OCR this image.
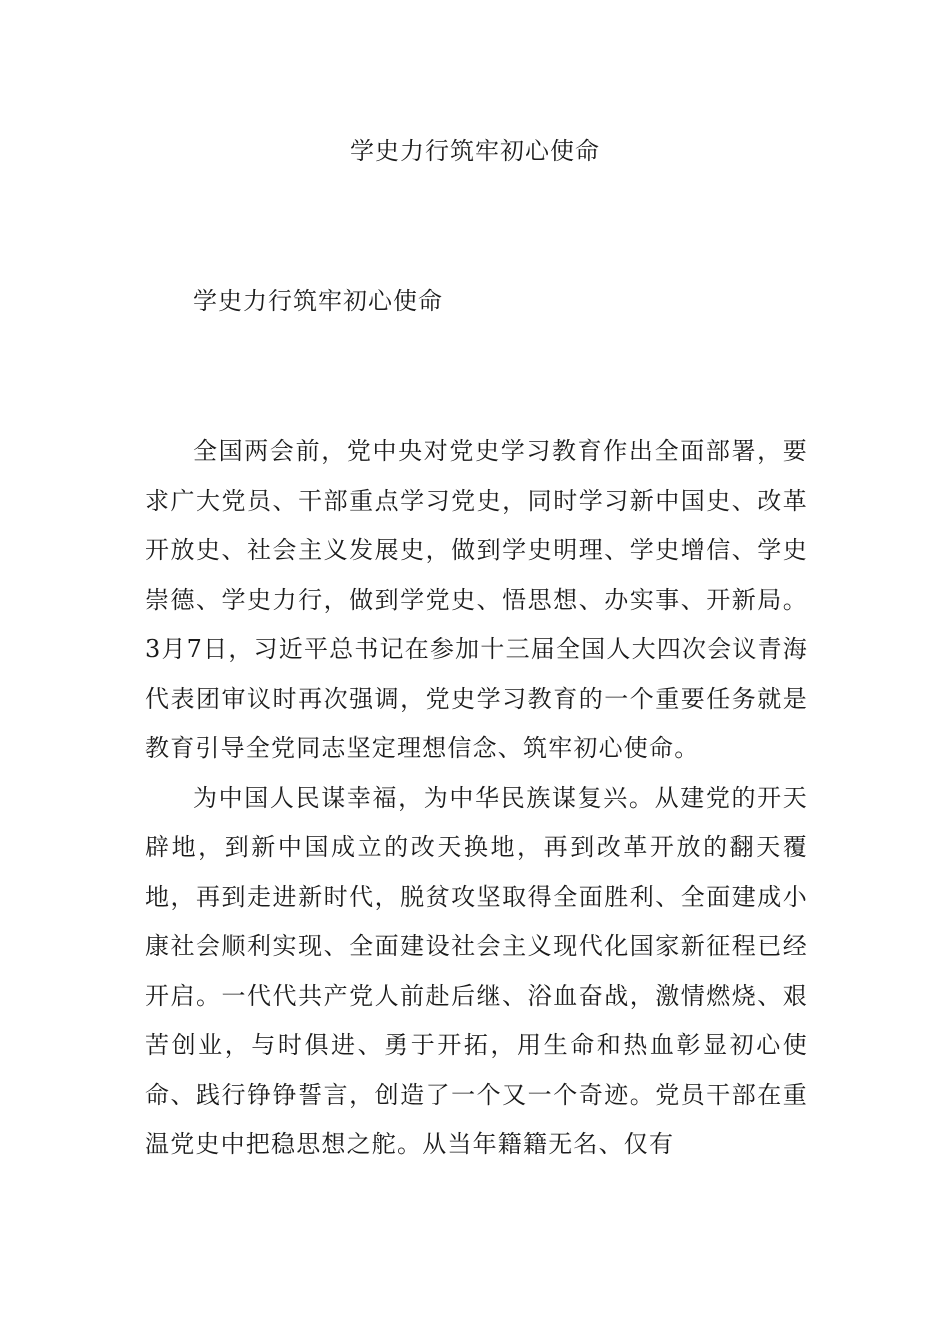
学史力行筑牢初心使命
学史力行筑牢初心使命

全国两会前，党中央对党史学习教育作出全面部署，要求广大党员、干部重点学习党史，同时学习新中国史、改革开放史、社会主义发展史，做到学史明理、学史增信、学史崇德、学史力行，做到学党史、悟思想、办实事、开新局。3月7日，习近平总书记在参加十三届全国人大四次会议青海代表团审议时再次强调，党史学习教育的一个重要任务就是教育引导全党同志坚定理想信念、筑牢初心使命。

为中国人民谋幸福，为中华民族谋复兴。从建党的开天辟地，到新中国成立的改天换地，再到改革开放的翻天覆地，再到走进新时代，脱贫攻坚取得全面胜利、全面建成小康社会顺利实现、全面建设社会主义现代化国家新征程已经开启。一代代共产党人前赴后继、浴血奋战，激情燃烧、艰苦创业，与时俱进、勇于开拓，用生命和热血彰显初心使命、践行铮铮誓言，创造了一个又一个奇迹。党员干部在重温党史中把稳思想之舵。从当年籍籍无名、仅有
